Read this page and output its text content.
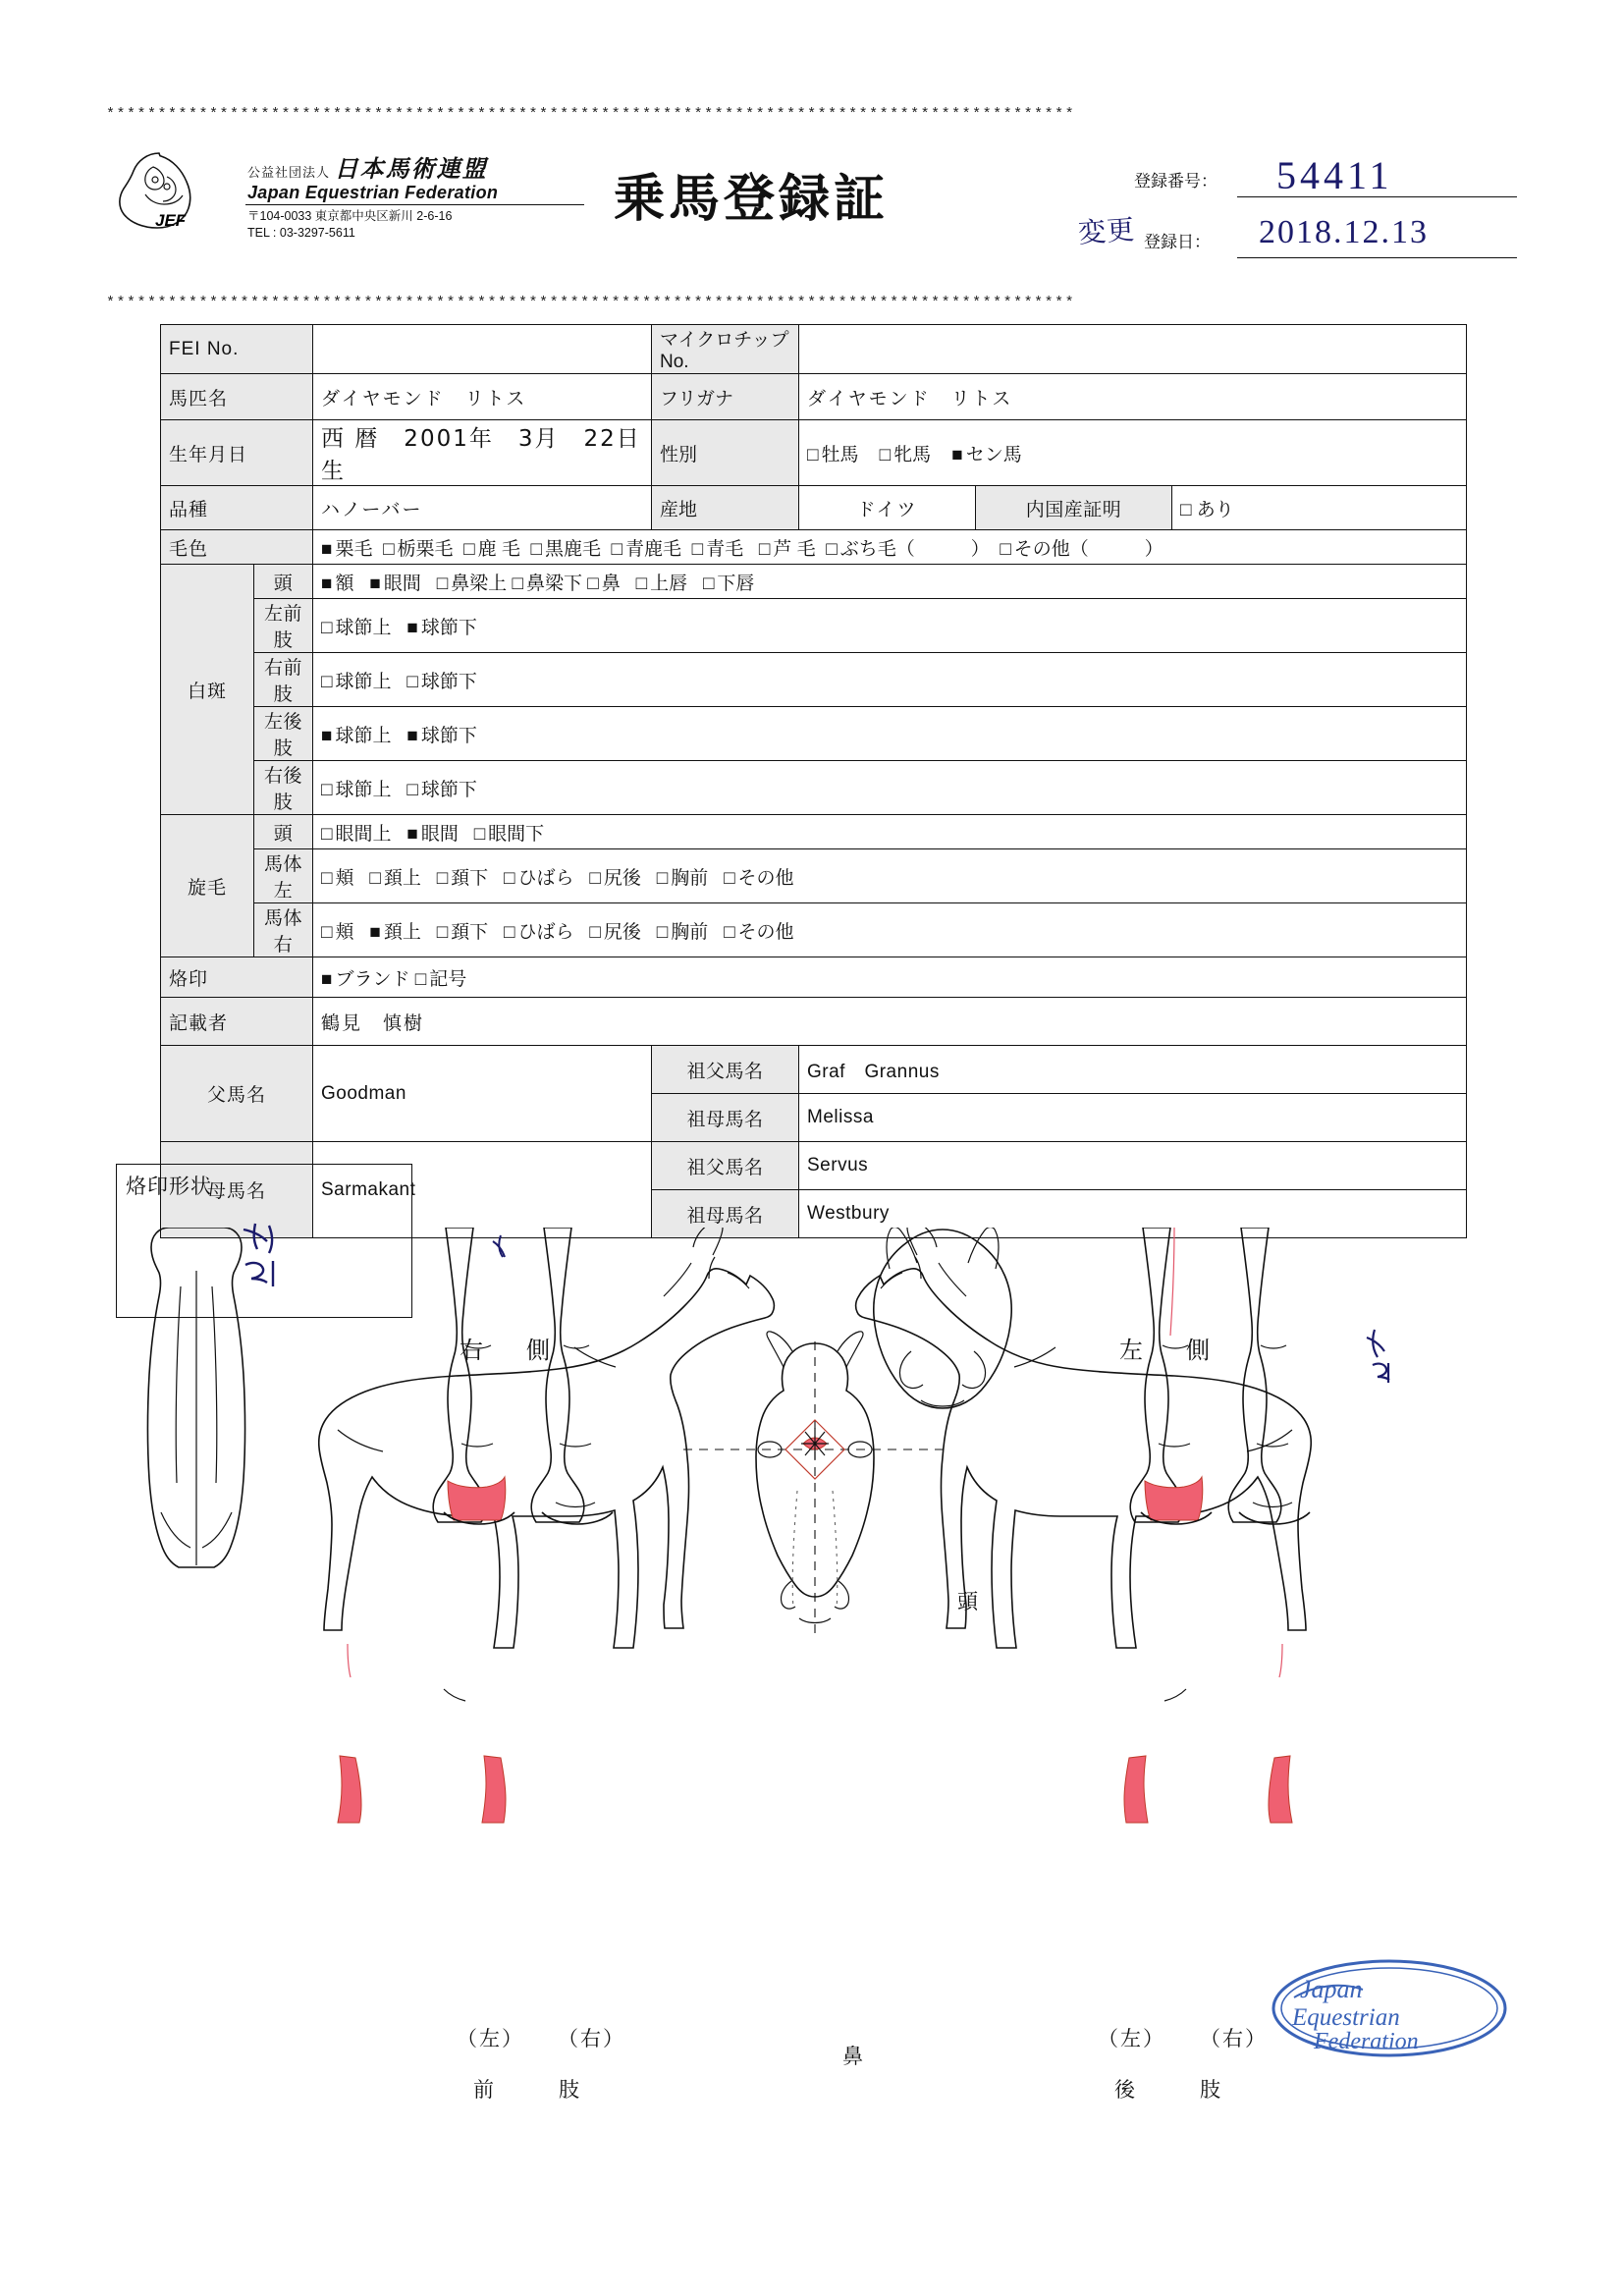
**********************************************************************************************
JEF
公益社団法人 日本馬術連盟
Japan Equestrian Federation
〒104-0033 東京都中央区新川 2-6-16
TEL : 03-3297-5611
乗馬登録証	登録番号： 54411
変更 登録日： 2018.12.13
**********************************************************************************************
FEI No.			マイクロチップNo.			
馬匹名		ダイヤモンド　リトス	フリガナ	ダイヤモンド　リトス		
生年月日		西 暦　2001年　3月　22日 生	性別	□ 牡馬 □ 牝馬 ■ セン馬		
品種		ハノーバー	産地	ドイツ	内国産証明	□ あり
毛色		■ 栗毛 □ 栃栗毛 □ 鹿 毛 □ 黒鹿毛 □ 青鹿毛 □ 青毛 □ 芦 毛 □ ぶち毛（　　　） □ その他（　　　）				
白斑	頭	■ 額 ■ 眼間 □ 鼻梁上 □ 鼻梁下 □ 鼻 □ 上唇 □ 下唇				
	左前肢	□ 球節上 ■ 球節下				
	右前肢	□ 球節上 □ 球節下				
	左後肢	■ 球節上 ■ 球節下				
	右後肢	□ 球節上 □ 球節下				
旋毛	頭	□ 眼間上 ■ 眼間 □ 眼間下				
	馬体左	□ 頬 □ 頚上 □ 頚下 □ ひばら □ 尻後 □ 胸前 □ その他				
	馬体右	□ 頬 ■ 頚上 □ 頚下 □ ひばら □ 尻後 □ 胸前 □ その他				
烙印		■ ブランド □ 記号				
記載者		鶴見　慎樹				
父馬名		Goodman	祖父馬名	Graf　Grannus		
			祖母馬名	Melissa		
母馬名		Sarmakant	祖父馬名	Servus		
			祖母馬名	Westbury		
烙印形状
右　側	左　側
頭
（左） （右）
前　　肢
鼻
（左） （右）
後　　肢
Japan
Equestrian
Federation
